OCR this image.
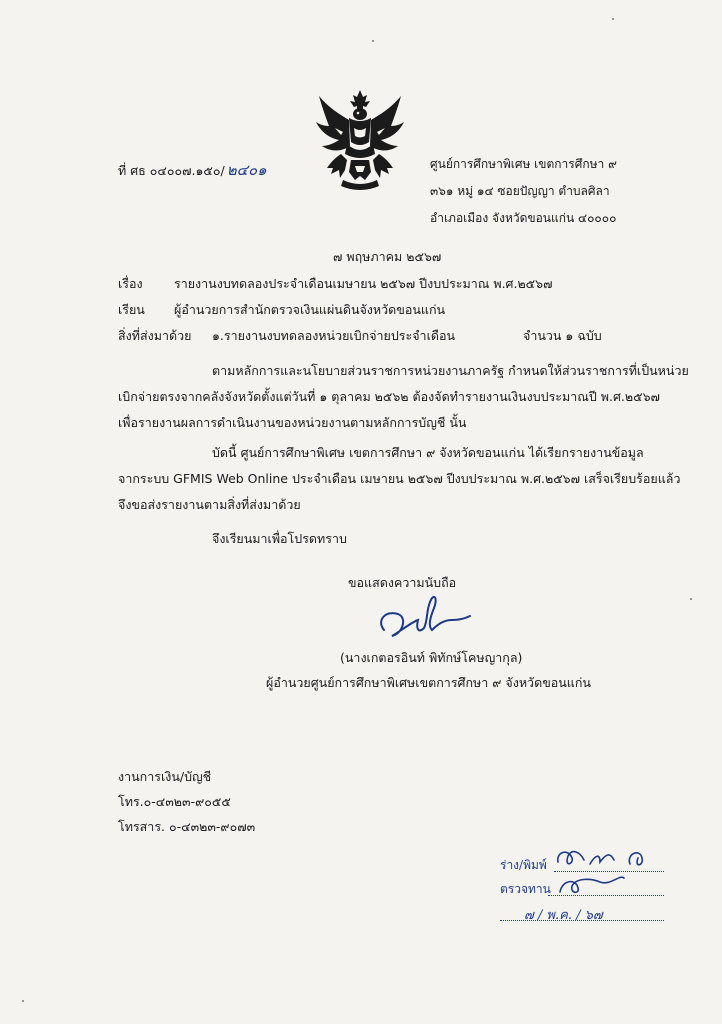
ที่ ศธ ๐๔๐๐๗.๑๕๐/ ๒๔๐๑	ศูนย์การศึกษาพิเศษ เขตการศึกษา ๙
๓๖๑ หมู่ ๑๔ ซอยปัญญา ตำบลศิลา
อำเภอเมือง จังหวัดขอนแก่น ๔๐๐๐๐
๗ พฤษภาคม ๒๕๖๗
เรื่อง	รายงานงบทดลองประจำเดือนเมษายน ๒๕๖๗ ปีงบประมาณ พ.ศ.๒๕๖๗
เรียน ผู้อำนวยการสำนักตรวจเงินแผ่นดินจังหวัดขอนแก่น
สิ่งที่ส่งมาด้วย ๑.รายงานงบทดลองหน่วยเบิกจ่ายประจำเดือน	จำนวน ๑ ฉบับ
ตามหลักการและนโยบายส่วนราชการหน่วยงานภาครัฐ กำหนดให้ส่วนราชการที่เป็นหน่วย
เบิกจ่ายตรงจากคลังจังหวัดตั้งแต่วันที่ ๑ ตุลาคม ๒๕๖๒ ต้องจัดทำรายงานเงินงบประมาณปี พ.ศ.๒๕๖๗
เพื่อรายงานผลการดำเนินงานของหน่วยงานตามหลักการบัญชี นั้น
บัดนี้ ศูนย์การศึกษาพิเศษ เขตการศึกษา ๙ จังหวัดขอนแก่น ได้เรียกรายงานข้อมูล
จากระบบ GFMIS Web Online ประจำเดือน เมษายน ๒๕๖๗ ปีงบประมาณ พ.ศ.๒๕๖๗ เสร็จเรียบร้อยแล้ว
จึงขอส่งรายงานตามสิ่งที่ส่งมาด้วย
จึงเรียนมาเพื่อโปรดทราบ
ขอแสดงความนับถือ
(นางเกตอรอินท์ พิทักษ์โคษญากุล)
ผู้อำนวยศูนย์การศึกษาพิเศษเขตการศึกษา ๙ จังหวัดขอนแก่น
งานการเงิน/บัญชี
โทร.๐-๔๓๒๓-๙๐๕๕
โทรสาร. ๐-๔๓๒๓-๙๐๗๓
ร่าง/พิมพ์
ตรวจทาน
๗ / พ.ค. / ๖๗
